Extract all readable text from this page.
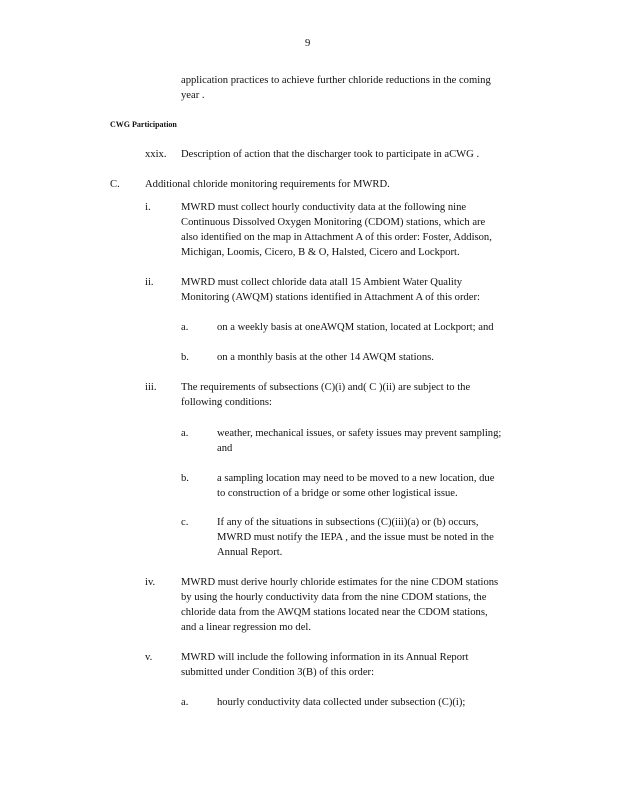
9
application practices to achieve further chloride reductions in the coming
year .
CWG Participation
xxix. Description of action that the discharger took to participate in aCWG .
C. Additional chloride monitoring requirements for MWRD.
i.	MWRD must collect hourly conductivity data at the following nine
Continuous Dissolved Oxygen Monitoring (CDOM) stations, which are
also identified on the map in Attachment A of this order: Foster, Addison,
Michigan, Loomis, Cicero, B & O, Halsted, Cicero and Lockport.
ii.	MWRD must collect chloride data atall 15 Ambient Water Quality
Monitoring (AWQM) stations identified in Attachment A of this order:
a.	on a weekly basis at oneAWQM station, located at Lockport; and
b.	on a monthly basis at the other 14 AWQM stations.
iii. The requirements of subsections (C)(i) and( C )(ii) are subject to the
following conditions:
a.	weather, mechanical issues, or safety issues may prevent sampling;
and
b.	a sampling location may need to be moved to a new location, due
to construction of a bridge or some other logistical issue.
c.	If any of the situations in subsections (C)(iii)(a) or (b) occurs,
MWRD must notify the IEPA , and the issue must be noted in the
Annual Report.
iv. MWRD must derive hourly chloride estimates for the nine CDOM stations
by using the hourly conductivity data from the nine CDOM stations, the
chloride data from the AWQM stations located near the CDOM stations,
and a linear regression mo del.
v.	MWRD will include the following information in its Annual Report
submitted under Condition 3(B) of this order:
a.	hourly conductivity data collected under subsection (C)(i);
